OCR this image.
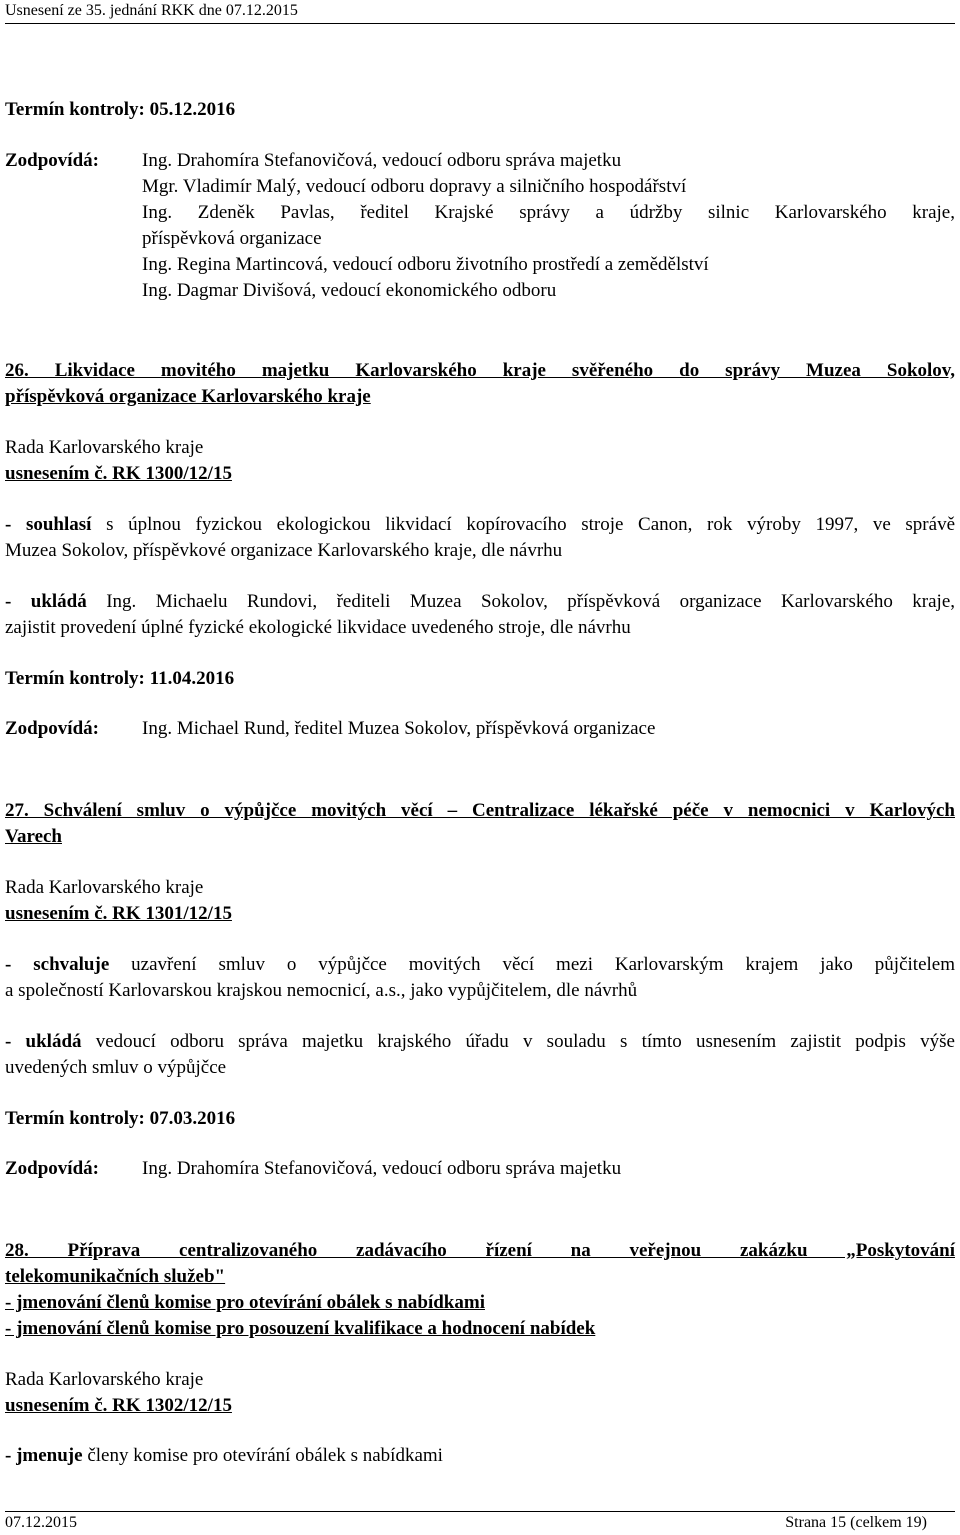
Usnesení ze 35. jednání RKK dne 07.12.2015
Termín kontroly: 05.12.2016
Zodpovídá: Ing. Drahomíra Stefanovičová, vedoucí odboru správa majetku
Mgr. Vladimír Malý, vedoucí odboru dopravy a silničního hospodářství
Ing. Zdeněk Pavlas, ředitel Krajské správy a údržby silnic Karlovarského kraje,
příspěvková organizace
Ing. Regina Martincová, vedoucí odboru životního prostředí a zemědělství
Ing. Dagmar Divišová, vedoucí ekonomického odboru
26. Likvidace movitého majetku Karlovarského kraje svěřeného do správy Muzea Sokolov,
příspěvková organizace Karlovarského kraje
Rada Karlovarského kraje
usnesením č. RK 1300/12/15
- souhlasí s úplnou fyzickou ekologickou likvidací kopírovacího stroje Canon, rok výroby 1997, ve správě
Muzea Sokolov, příspěvkové organizace Karlovarského kraje, dle návrhu
- ukládá Ing. Michaelu Rundovi, řediteli Muzea Sokolov, příspěvková organizace Karlovarského kraje,
zajistit provedení úplné fyzické ekologické likvidace uvedeného stroje, dle návrhu
Termín kontroly: 11.04.2016
Zodpovídá: Ing. Michael Rund, ředitel Muzea Sokolov, příspěvková organizace
27. Schválení smluv o výpůjčce movitých věcí – Centralizace lékařské péče v nemocnici v Karlových
Varech
Rada Karlovarského kraje
usnesením č. RK 1301/12/15
- schvaluje uzavření smluv o výpůjčce movitých věcí mezi Karlovarským krajem jako půjčitelem
a společností Karlovarskou krajskou nemocnicí, a.s., jako vypůjčitelem, dle návrhů
- ukládá vedoucí odboru správa majetku krajského úřadu v souladu s tímto usnesením zajistit podpis výše
uvedených smluv o výpůjčce
Termín kontroly: 07.03.2016
Zodpovídá: Ing. Drahomíra Stefanovičová, vedoucí odboru správa majetku
28. Příprava centralizovaného zadávacího řízení na veřejnou zakázku „Poskytování
telekomunikačních služeb"
- jmenování členů komise pro otevírání obálek s nabídkami
- jmenování členů komise pro posouzení kvalifikace a hodnocení nabídek
Rada Karlovarského kraje
usnesením č. RK 1302/12/15
- jmenuje členy komise pro otevírání obálek s nabídkami
07.12.2015	Strana 15 (celkem 19)
